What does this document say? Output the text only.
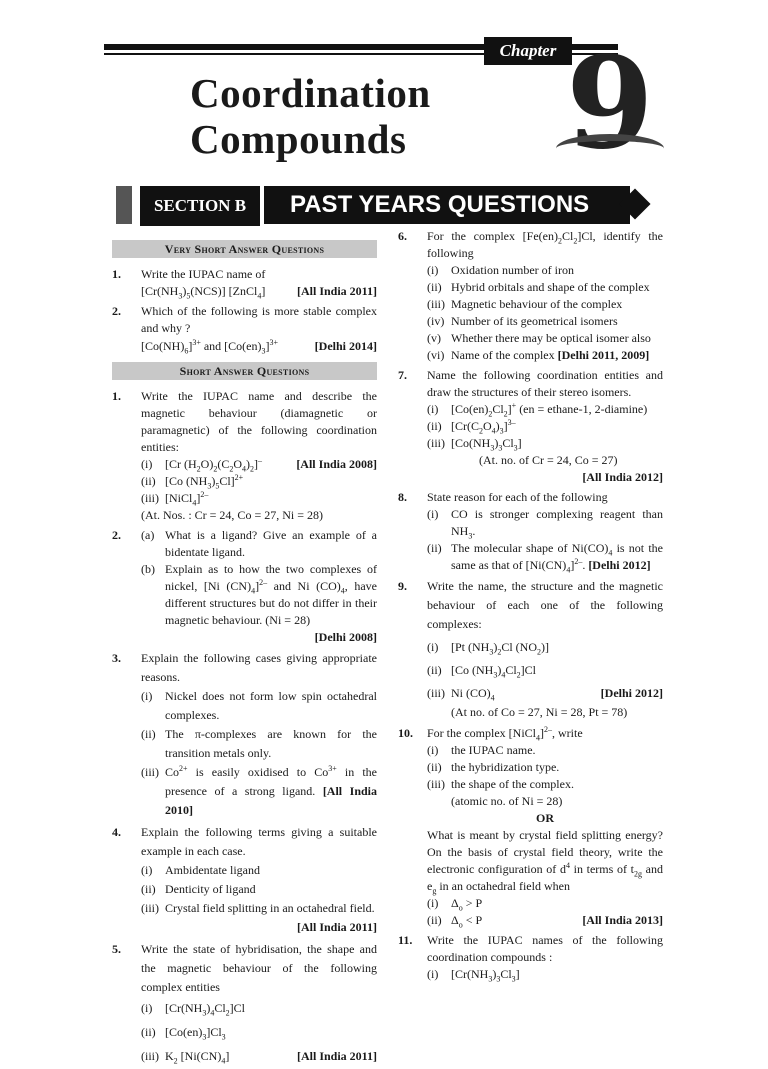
Chapter 9
Coordination
Compounds
SECTION B	PAST YEARS QUESTIONS
Very Short Answer Questions
1.	Write the IUPAC name of
$[Cr(NH_3)_5(NCS)]$ [ZnCl$_4$]	[All India 2011]
2.	Which of the following is more stable complex and why ?
$[Co(NH)_6]^{3+}$ and $[Co(en)_3]^{3+}$	[Delhi 2014]
Short Answer Questions
1.	Write the IUPAC name and describe the magnetic behaviour (diamagnetic or paramagnetic) of the following coordination entities:
(i) [Cr $(H_2O)_2(C_2O_4)_2]^-$	[All India 2008]
(ii) [Co $(NH_3)_5Cl]^{2+}$
(iii) [NiCl$_4$]$^{2-}$
(At. Nos. : Cr = 24, Co = 27, Ni = 28)
2.	(a) What is a ligand? Give an example of a bidentate ligand.
(b) Explain as to how the two complexes of nickel, [Ni $(CN)_4]^{2-}$ and Ni $(CO)_4$, have different structures but do not differ in their magnetic behaviour. (Ni = 28)
[Delhi 2008]
3.	Explain the following cases giving appropriate reasons.
(i) Nickel does not form low spin octahedral complexes.
(ii) The π-complexes are known for the transition metals only.
(iii) $Co^{2+}$ is easily oxidised to $Co^{3+}$ in the presence of a strong ligand. [All India 2010]
4.	Explain the following terms giving a suitable example in each case.
(i) Ambidentate ligand
(ii) Denticity of ligand
(iii) Crystal field splitting in an octahedral field.
[All India 2011]
5.	Write the state of hybridisation, the shape and the magnetic behaviour of the following complex entities
(i) $[Cr(NH_3)_4Cl_2]Cl$
(ii) $[Co(en)_3]Cl_3$
(iii) $K_2$ $[Ni(CN)_4]$	[All India 2011]
6.	For the complex $[Fe(en)_2Cl_2]Cl$, identify the following
(i) Oxidation number of iron
(ii) Hybrid orbitals and shape of the complex
(iii) Magnetic behaviour of the complex
(iv) Number of its geometrical isomers
(v) Whether there may be optical isomer also
(vi) Name of the complex [Delhi 2011, 2009]
7.	Name the following coordination entities and draw the structures of their stereo isomers.
(i) $[Co(en)_2Cl_2]^+$ (en = ethane-1, 2-diamine)
(ii) $[Cr(C_2O_4)_3]^{3-}$
(iii) $[Co(NH_3)_3Cl_3]$
(At. no. of Cr = 24, Co = 27)
[All India 2012]
8.	State reason for each of the following
(i) CO is stronger complexing reagent than $NH_3$.
(ii) The molecular shape of $Ni(CO)_4$ is not the same as that of $[Ni(CN)_4]^{2-}$. [Delhi 2012]
9.	Write the name, the structure and the magnetic behaviour of each one of the following complexes:
(i) [Pt $(NH_3)_2Cl$ $(NO_2)$]
(ii) [Co $(NH_3)_4Cl_2]Cl$
(iii) Ni $(CO)_4$	[Delhi 2012]
(At no. of Co = 27, Ni = 28, Pt = 78)
10.	For the complex [NiCl$_4$]$^{2-}$, write
(i) the IUPAC name.
(ii) the hybridization type.
(iii) the shape of the complex.
(atomic no. of Ni = 28)
OR
What is meant by crystal field splitting energy? On the basis of crystal field theory, write the electronic configuration of $d^4$ in terms of $t_{2g}$ and $e_g$ in an octahedral field when
(i) $\Delta_o > P$
(ii) $\Delta_o < P$	[All India 2013]
11.	Write the IUPAC names of the following coordination compounds :
(i) $[Cr(NH_3)_3Cl_3]$
